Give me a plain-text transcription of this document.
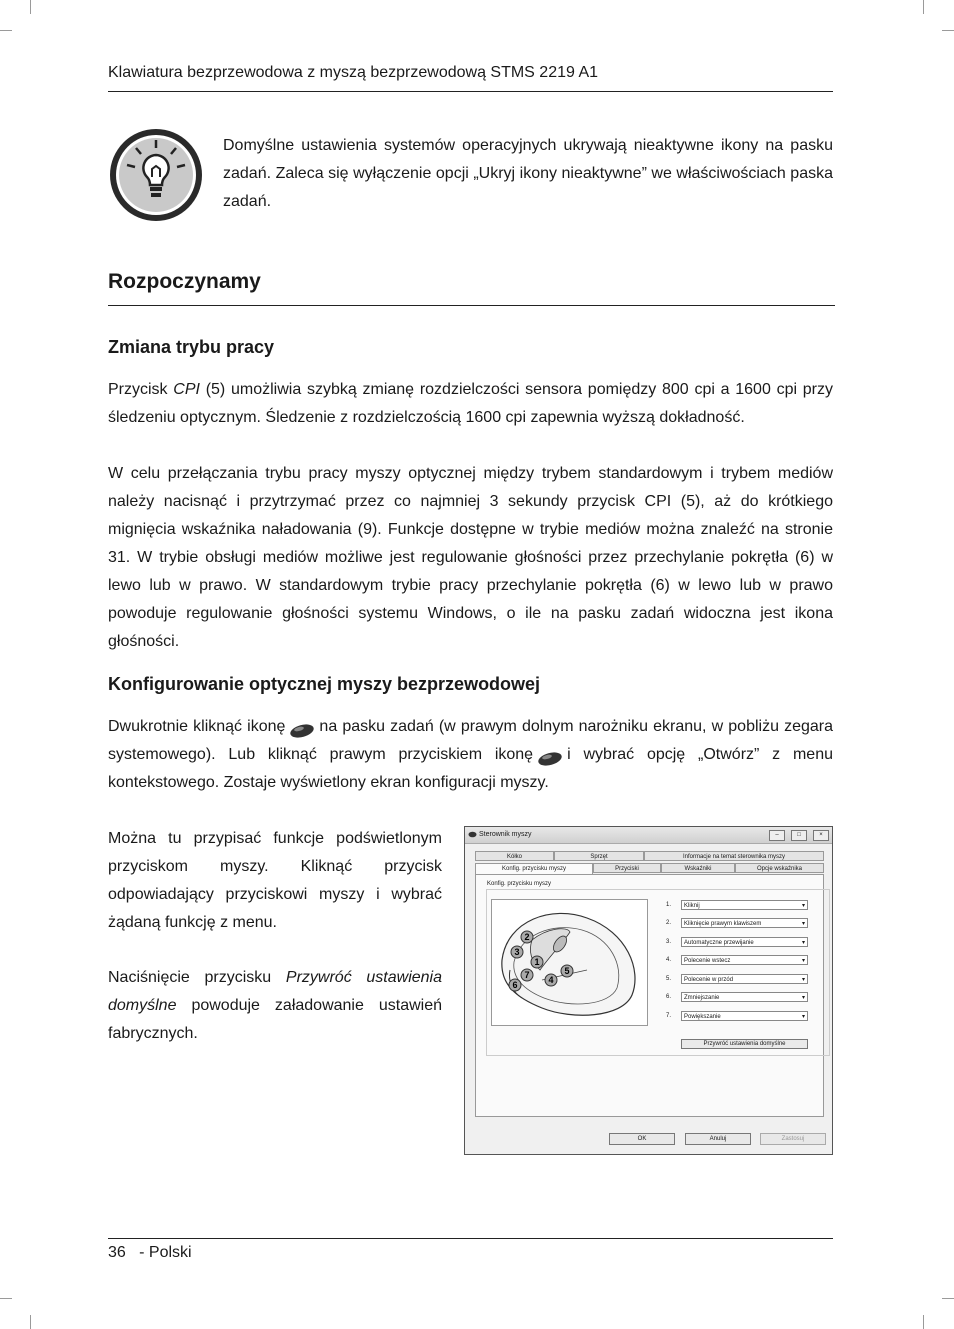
Klawiatura bezprzewodowa z myszą bezprzewodową STMS 2219 A1
Domyślne ustawienia systemów operacyjnych ukrywają nieaktywne ikony na pasku zadań. Zaleca się wyłączenie opcji „Ukryj ikony nieaktywne” we właściwościach paska zadań.
Rozpoczynamy
Zmiana trybu pracy

Przycisk CPI (5) umożliwia szybką zmianę rozdzielczości sensora pomiędzy 800 cpi a 1600 cpi przy śledzeniu optycznym. Śledzenie z rozdzielczością 1600 cpi zapewnia wyższą dokładność.

W celu przełączania trybu pracy myszy optycznej między trybem standardowym i trybem mediów należy nacisnąć i przytrzymać przez co najmniej 3 sekundy przycisk CPI (5), aż do krótkiego mignięcia wskaźnika naładowania (9). Funkcje dostępne w trybie mediów można znaleźć na stronie 31. W trybie obsługi mediów możliwe jest regulowanie głośności przez przechylanie pokrętła (6) w lewo lub w prawo. W standardowym trybie pracy przechylanie pokrętła (6) w lewo lub w prawo powoduje regulowanie głośności systemu Windows, o ile na pasku zadań widoczna jest ikona głośności.

Konfigurowanie optycznej myszy bezprzewodowej

Dwukrotnie kliknąć ikonę na pasku zadań (w prawym dolnym narożniku ekranu, w pobliżu zegara systemowego). Lub kliknąć prawym przyciskiem ikonę i wybrać opcję „Otwórz” z menu kontekstowego. Zostaje wyświetlony ekran konfiguracji myszy.

Można tu przypisać funkcje podświetlonym przyciskom myszy. Kliknąć przycisk odpowiadający przyciskowi myszy i wybrać żądaną funkcję z menu.

Naciśnięcie przycisku Przywróć ustawienia domyślne powoduje załadowanie ustawień fabrycznych.

Sterownik myszy	–	□	×
Kółko	Sprzęt	Informacje na temat sterownika myszy
Konfig. przycisku myszy	Przyciski	Wskaźniki	Opcje wskaźnika
Konfig. przycisku myszy
2
3
1
7
6	4
5
1.	Kliknij ▾
2.	Kliknięcie prawym klawiszem ▾
3.	Automatyczne przewijanie ▾
4.	Polecenie wstecz ▾
5.	Polecenie w przód ▾
6.	Zmniejszanie ▾
7.	Powiększanie ▾
Przywróć ustawienia domyślne
OK	Anuluj	Zastosuj
36 - Polski
